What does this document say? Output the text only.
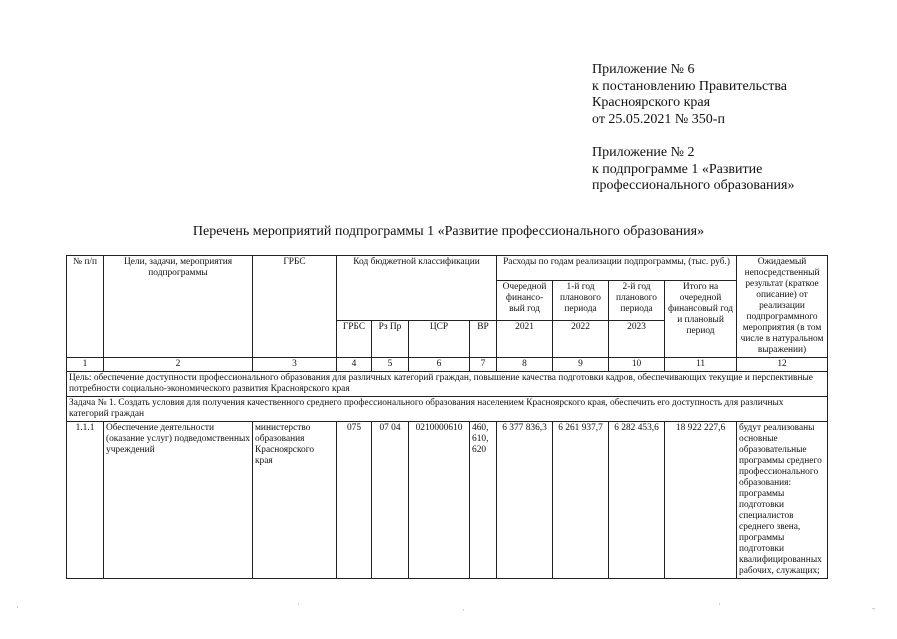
Приложение № 6
к постановлению Правительства
Красноярского края
от 25.05.2021 № 350-п
Приложение № 2
к подпрограмме 1 «Развитие
профессионального образования»
Перечень мероприятий подпрограммы 1 «Развитие профессионального образования»
№ п/п	Цели, задачи, мероприятия подпрограммы	ГРБС	Код бюджетной классификации				Расходы по годам реализации подпрограммы, (тыс. руб.)				Ожидаемый непосредственный результат (краткое описание) от реализации подпрограммного мероприятия (в том числе в натуральном выражении)
							Очередной финансо-вый год	1-й год планового периода	2-й год планового периода	Итого на очередной финансовый год и плановый период	
			ГРБС	Рз Пр	ЦСР	ВР	2021	2022	2023		
1	2	3	4	5	6	7	8	9	10	11	12
Цель: обеспечение доступности профессионального образования для различных категорий граждан, повышение качества подготовки кадров, обеспечивающих текущие и перспективные потребности социально-экономического развития Красноярского края											
Задача № 1. Создать условия для получения качественного среднего профессионального образования населением Красноярского края, обеспечить его доступность для различных категорий граждан											
1.1.1	Обеспечение деятельности (оказание услуг) подведомственных учреждений	министерство образования Красноярского края	075	07 04	0210000610	460, 610, 620	6 377 836,3	6 261 937,7	6 282 453,6	18 922 227,6	будут реализованы основные образовательные программы среднего профессионального образования: программы подготовки специалистов среднего звена, программы подготовки квалифицированных рабочих, служащих;
·	·
·
·	-
